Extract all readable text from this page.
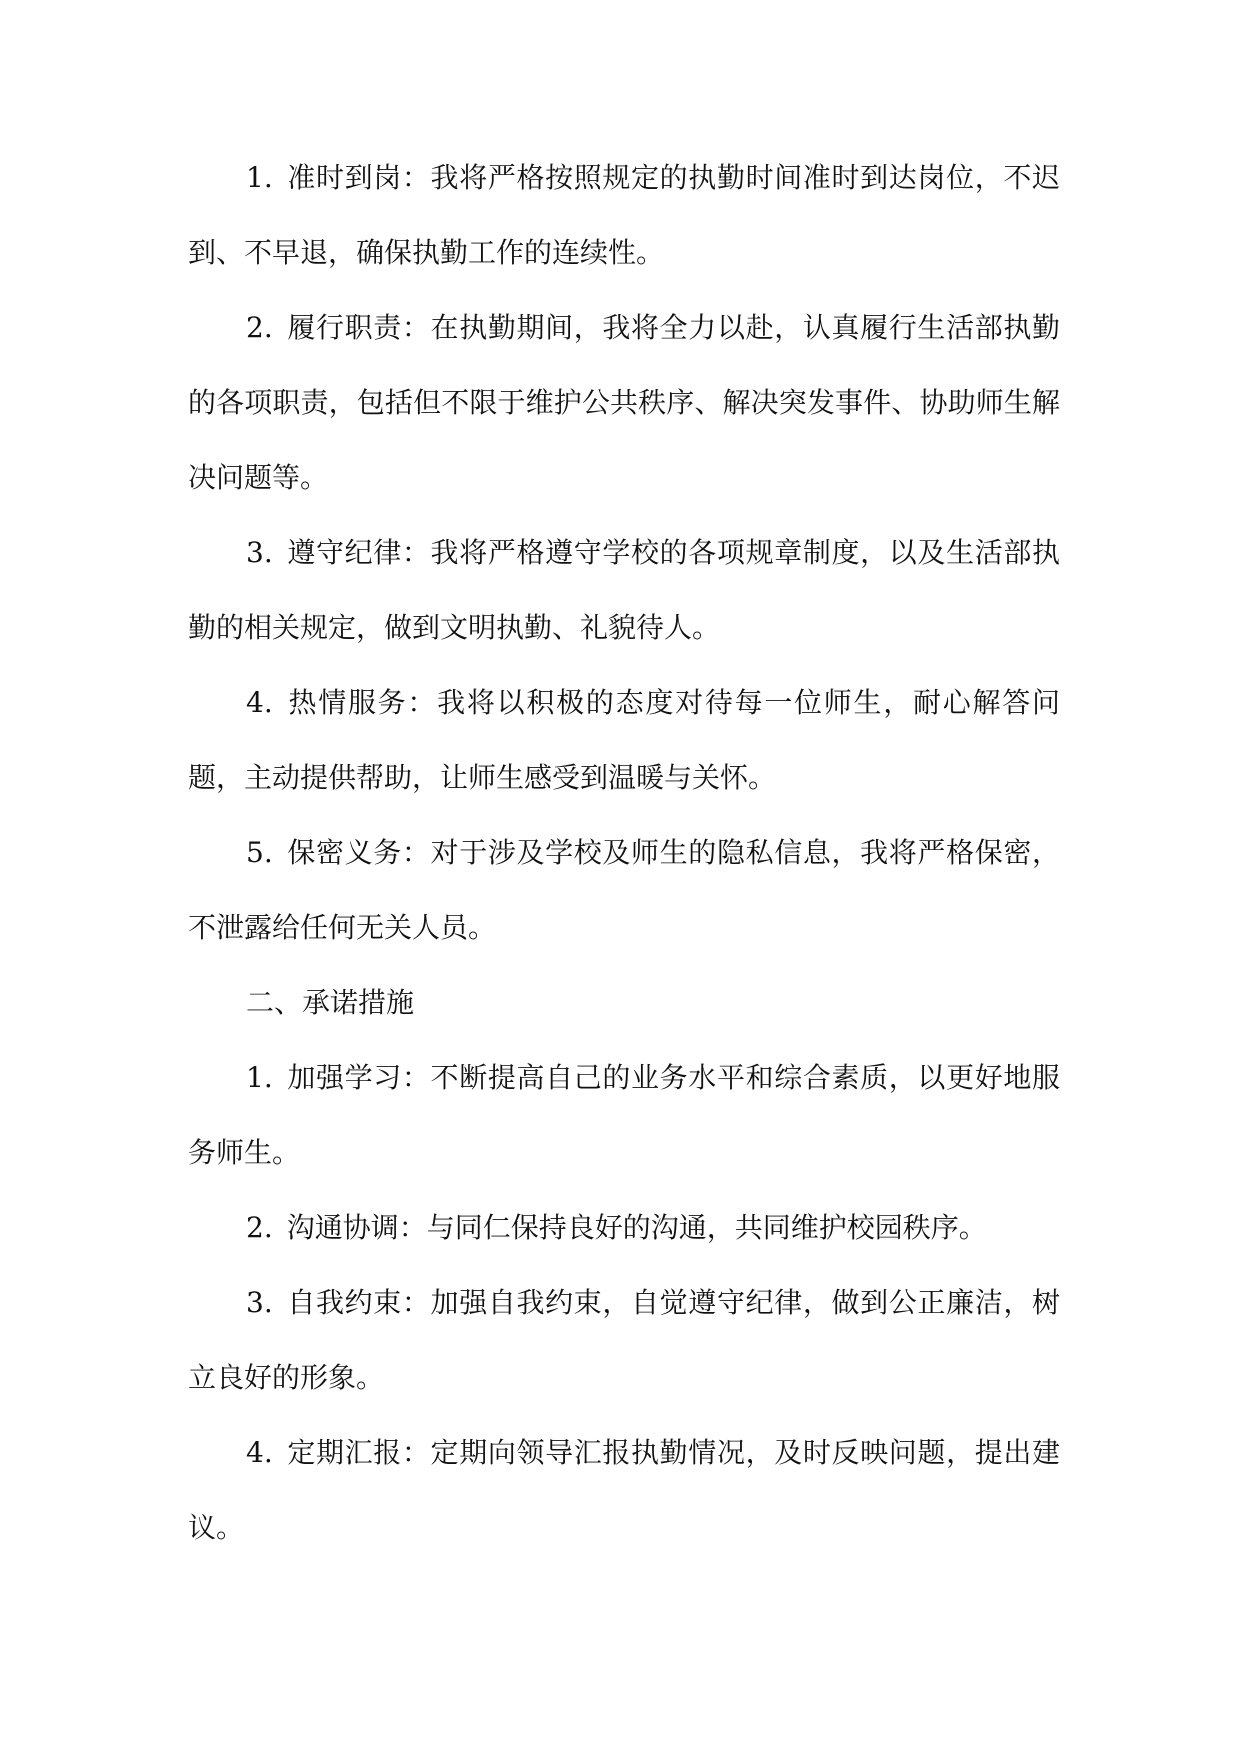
1. 准时到岗：我将严格按照规定的执勤时间准时到达岗位，不迟到、不早退，确保执勤工作的连续性。

2. 履行职责：在执勤期间，我将全力以赴，认真履行生活部执勤的各项职责，包括但不限于维护公共秩序、解决突发事件、协助师生解决问题等。

3. 遵守纪律：我将严格遵守学校的各项规章制度，以及生活部执勤的相关规定，做到文明执勤、礼貌待人。

4. 热情服务：我将以积极的态度对待每一位师生，耐心解答问题，主动提供帮助，让师生感受到温暖与关怀。

5. 保密义务：对于涉及学校及师生的隐私信息，我将严格保密，不泄露给任何无关人员。

二、承诺措施

1. 加强学习：不断提高自己的业务水平和综合素质，以更好地服务师生。

2. 沟通协调：与同仁保持良好的沟通，共同维护校园秩序。

3. 自我约束：加强自我约束，自觉遵守纪律，做到公正廉洁，树立良好的形象。

4. 定期汇报：定期向领导汇报执勤情况，及时反映问题，提出建议。
